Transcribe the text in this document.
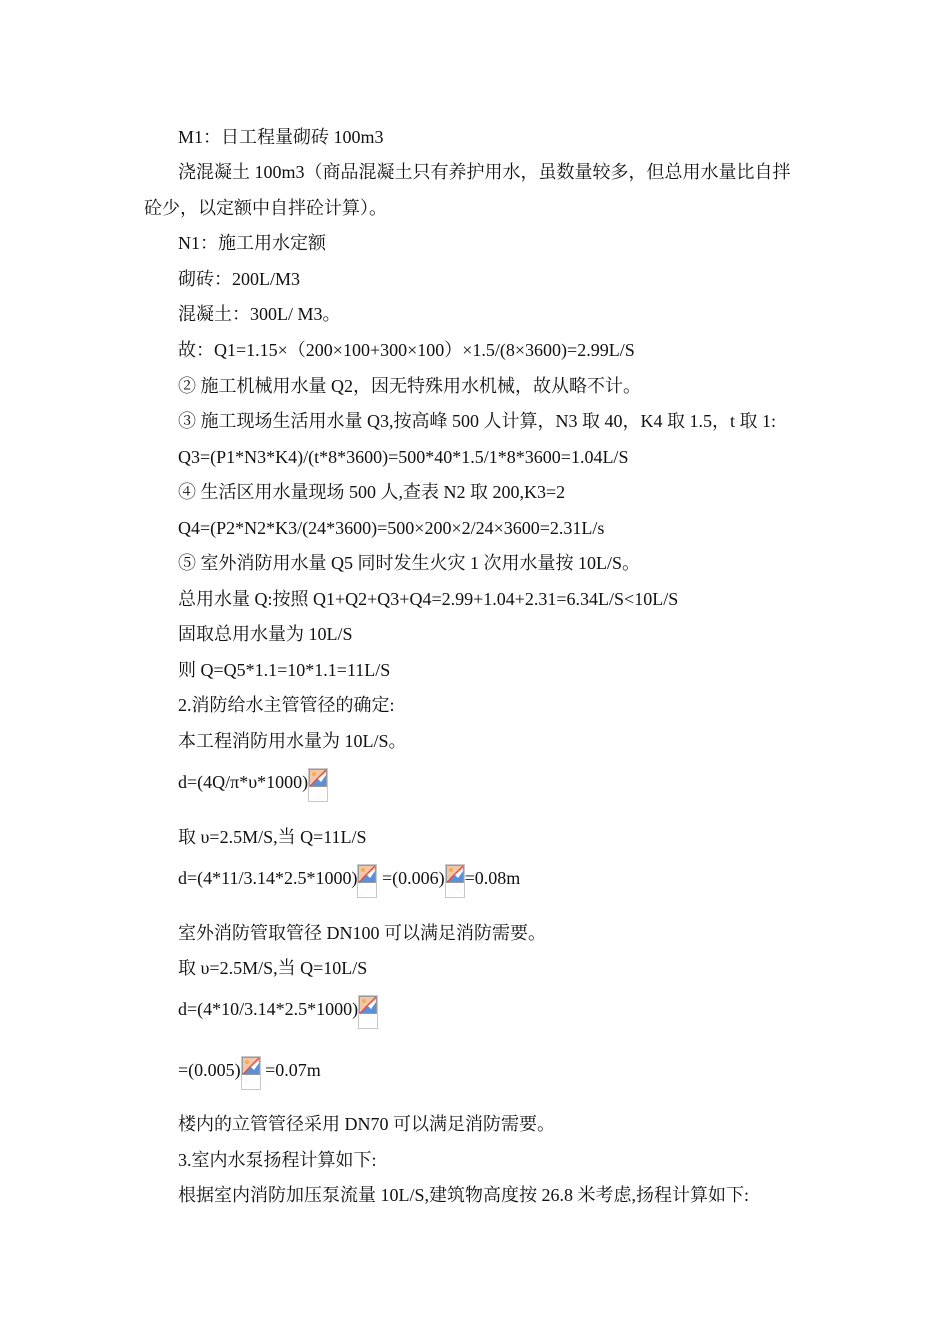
M1：日工程量砌砖 100m3
浇混凝土 100m3（商品混凝土只有养护用水，虽数量较多，但总用水量比自拌
砼少，以定额中自拌砼计算）。
N1：施工用水定额
砌砖：200L/M3
混凝土：300L/ M3。
故：Q1=1.15×（200×100+300×100）×1.5/(8×3600)=2.99L/S
② 施工机械用水量 Q2，因无特殊用水机械，故从略不计。
③ 施工现场生活用水量 Q3,按高峰 500 人计算，N3 取 40，K4 取 1.5，t 取 1:
Q3=(P1*N3*K4)/(t*8*3600)=500*40*1.5/1*8*3600=1.04L/S
④ 生活区用水量现场 500 人,查表 N2 取 200,K3=2
Q4=(P2*N2*K3/(24*3600)=500×200×2/24×3600=2.31L/s
⑤ 室外消防用水量 Q5 同时发生火灾 1 次用水量按 10L/S。
总用水量 Q:按照 Q1+Q2+Q3+Q4=2.99+1.04+2.31=6.34L/S<10L/S
固取总用水量为 10L/S
则 Q=Q5*1.1=10*1.1=11L/S
2.消防给水主管管径的确定:
本工程消防用水量为 10L/S。
d=(4Q/π*υ*1000)
取 υ=2.5M/S,当 Q=11L/S
d=(4*11/3.14*2.5*1000)
=(0.006) =0.08m
室外消防管取管径 DN100 可以满足消防需要。
取 υ=2.5M/S,当 Q=10L/S
d=(4*10/3.14*2.5*1000)
=(0.005)
=0.07m
楼内的立管管径采用 DN70 可以满足消防需要。
3.室内水泵扬程计算如下:
根据室内消防加压泵流量 10L/S,建筑物高度按 26.8 米考虑,扬程计算如下:
